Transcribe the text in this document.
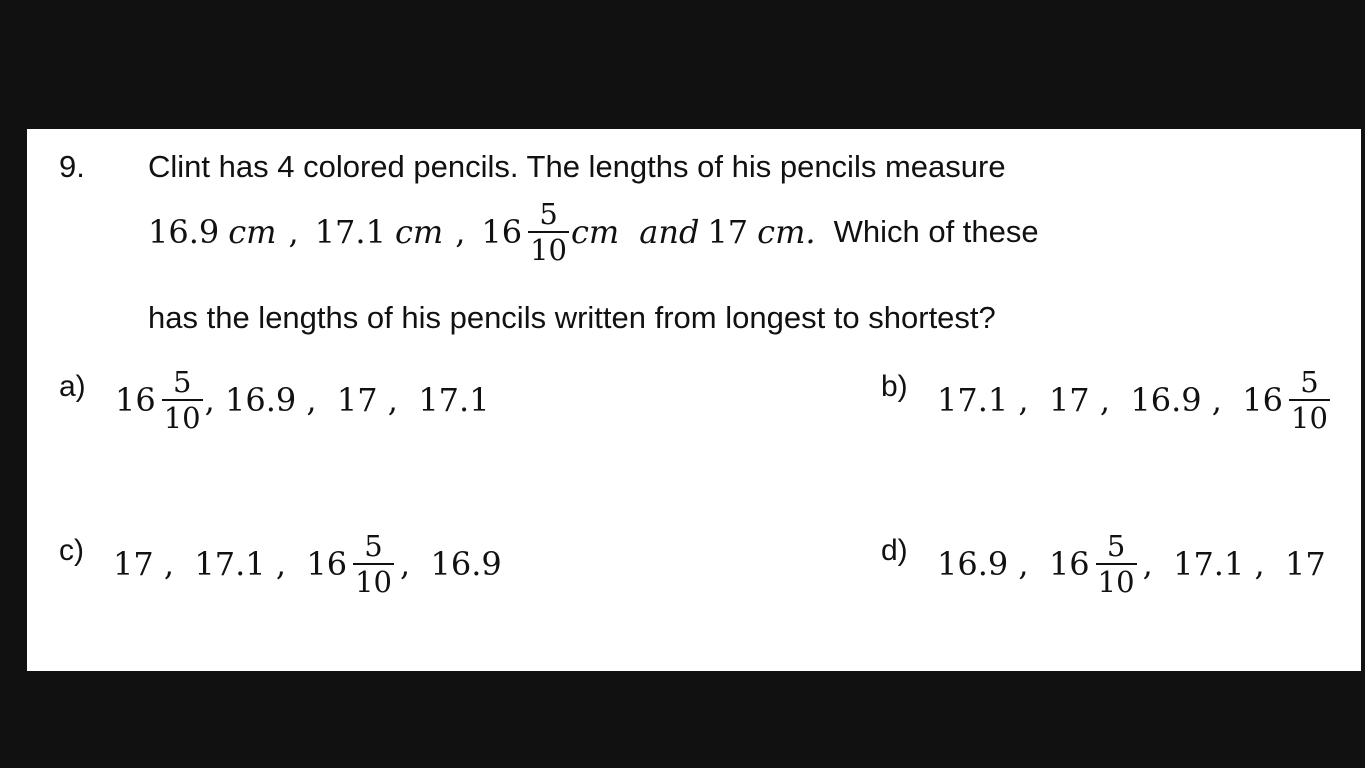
9. Clint has 4 colored pencils. The lengths of his pencils measure
16.9 cm , 17.1 cm , $16 \frac{5}{10}$ cm and 17 cm. Which of these
has the lengths of his pencils written from longest to shortest?
a) $16 \frac{5}{10}$ , 16.9 ,  17 ,  17.1	b) 17.1 ,  17 ,  16.9 ,  $16 \frac{5}{10}$
c) 17 ,  17.1 ,  $16 \frac{5}{10}$ ,  16.9	d) 16.9 ,  $16 \frac{5}{10}$ ,  17.1 ,  17
